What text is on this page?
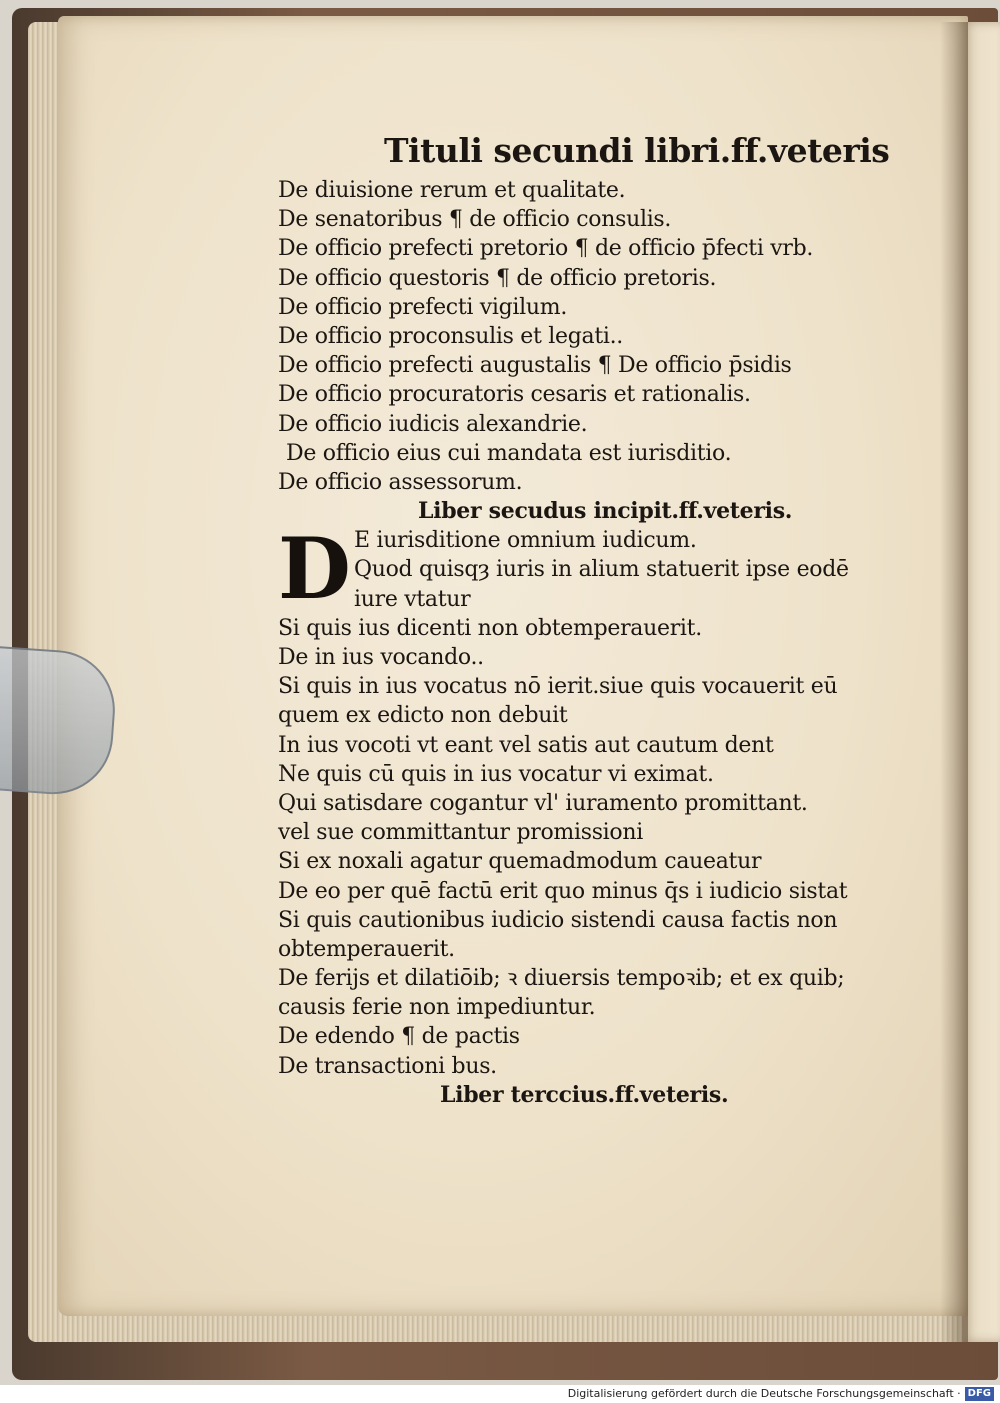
Tituli secundi libri.ff.veteris
De diuisione rerum et qualitate.
De senatoribus ¶ de officio consulis.
De officio prefecti pretorio ¶ de officio p̄fecti vrb.
De officio questoris ¶ de officio pretoris.
De officio prefecti vigilum.
De officio proconsulis et legati..
De officio prefecti augustalis ¶ De officio p̄sidis
De officio procuratoris cesaris et rationalis.
De officio iudicis alexandrie.
De officio eius cui mandata est iurisditio.
De officio assessorum.
Liber secudus incipit.ff.veteris.
D E iurisditione omnium iudicum.
Quod quisqȝ iuris in alium statuerit ipse eodē
iure vtatur
Si quis ius dicenti non obtemperauerit.
De in ius vocando..
Si quis in ius vocatus nō ierit.siue quis vocauerit eū
quem ex edicto non debuit
In ius vocoti vt eant vel satis aut cautum dent
Ne quis cū quis in ius vocatur vi eximat.
Qui satisdare cogantur vl' iuramento promittant.
vel sue committantur promissioni
Si ex noxali agatur quemadmodum caueatur
De eo per quē factū erit quo minus q̄s i iudicio sistat
Si quis cautionibus iudicio sistendi causa factis non
obtemperauerit.
De ferijs et dilatiōib; ꝛ diuersis tempoꝛib; et ex quib;
causis ferie non impediuntur.
De edendo ¶ de pactis
De transactioni bus.
Liber terccius.ff.veteris.
Digitalisierung gefördert durch die Deutsche Forschungsgemeinschaft · DFG
